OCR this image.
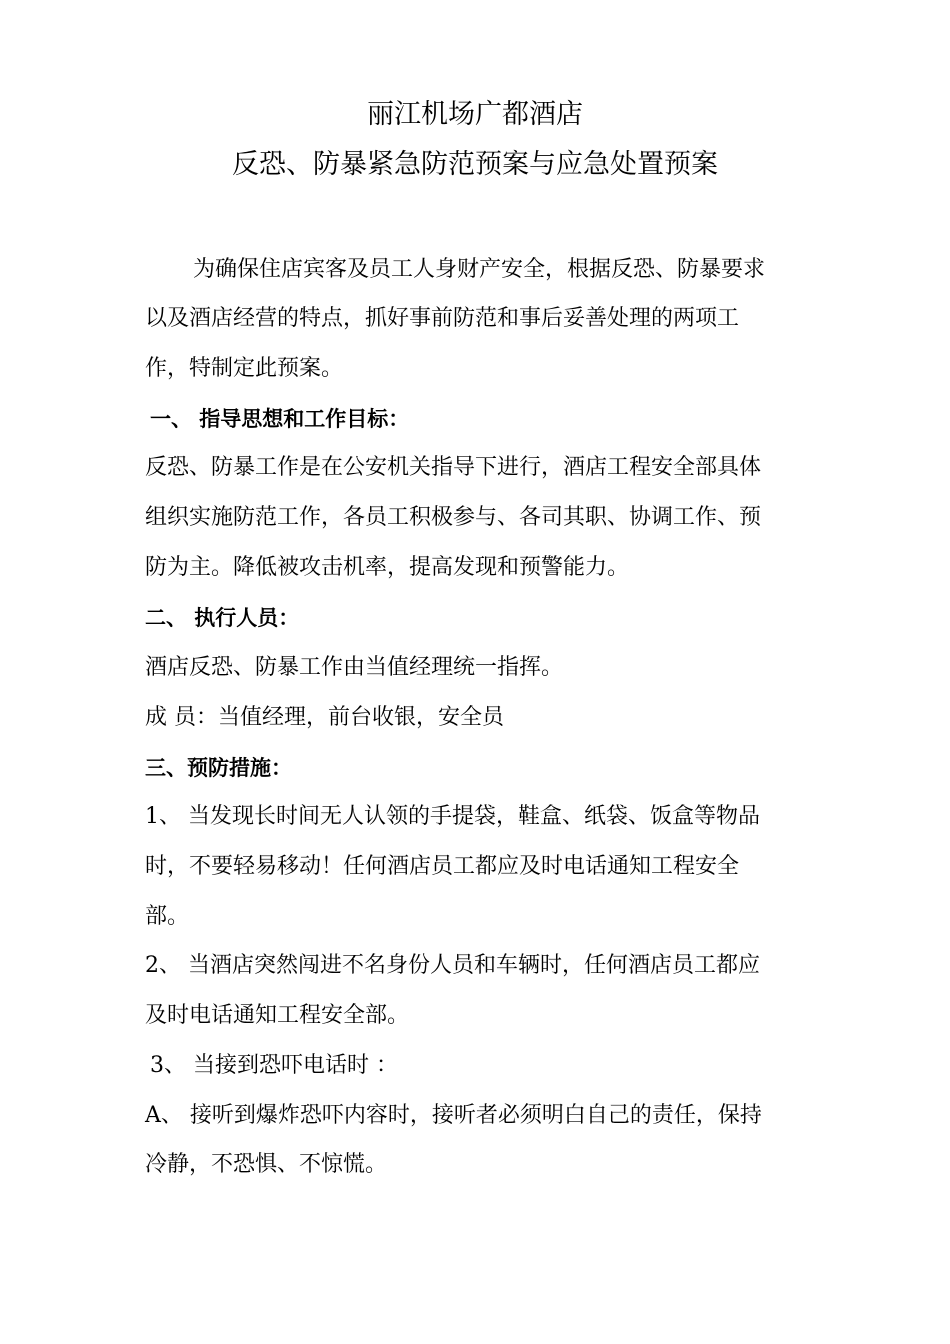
丽江机场广都酒店
反恐、防暴紧急防范预案与应急处置预案
为确保住店宾客及员工人身财产安全，根据反恐、防暴要求
以及酒店经营的特点，抓好事前防范和事后妥善处理的两项工
作，特制定此预案。
一、 指导思想和工作目标：
反恐、防暴工作是在公安机关指导下进行，酒店工程安全部具体
组织实施防范工作，各员工积极参与、各司其职、协调工作、预
防为主。降低被攻击机率，提高发现和预警能力。
二、 执行人员：
酒店反恐、防暴工作由当值经理统一指挥。
成 员：当值经理，前台收银，安全员
三、预防措施：
1、 当发现长时间无人认领的手提袋，鞋盒、纸袋、饭盒等物品
时，不要轻易移动！任何酒店员工都应及时电话通知工程安全
部。
2、 当酒店突然闯进不名身份人员和车辆时，任何酒店员工都应
及时电话通知工程安全部。
3、 当接到恐吓电话时 ：
A、 接听到爆炸恐吓内容时，接听者必须明白自己的责任，保持
冷静，不恐惧、不惊慌。
